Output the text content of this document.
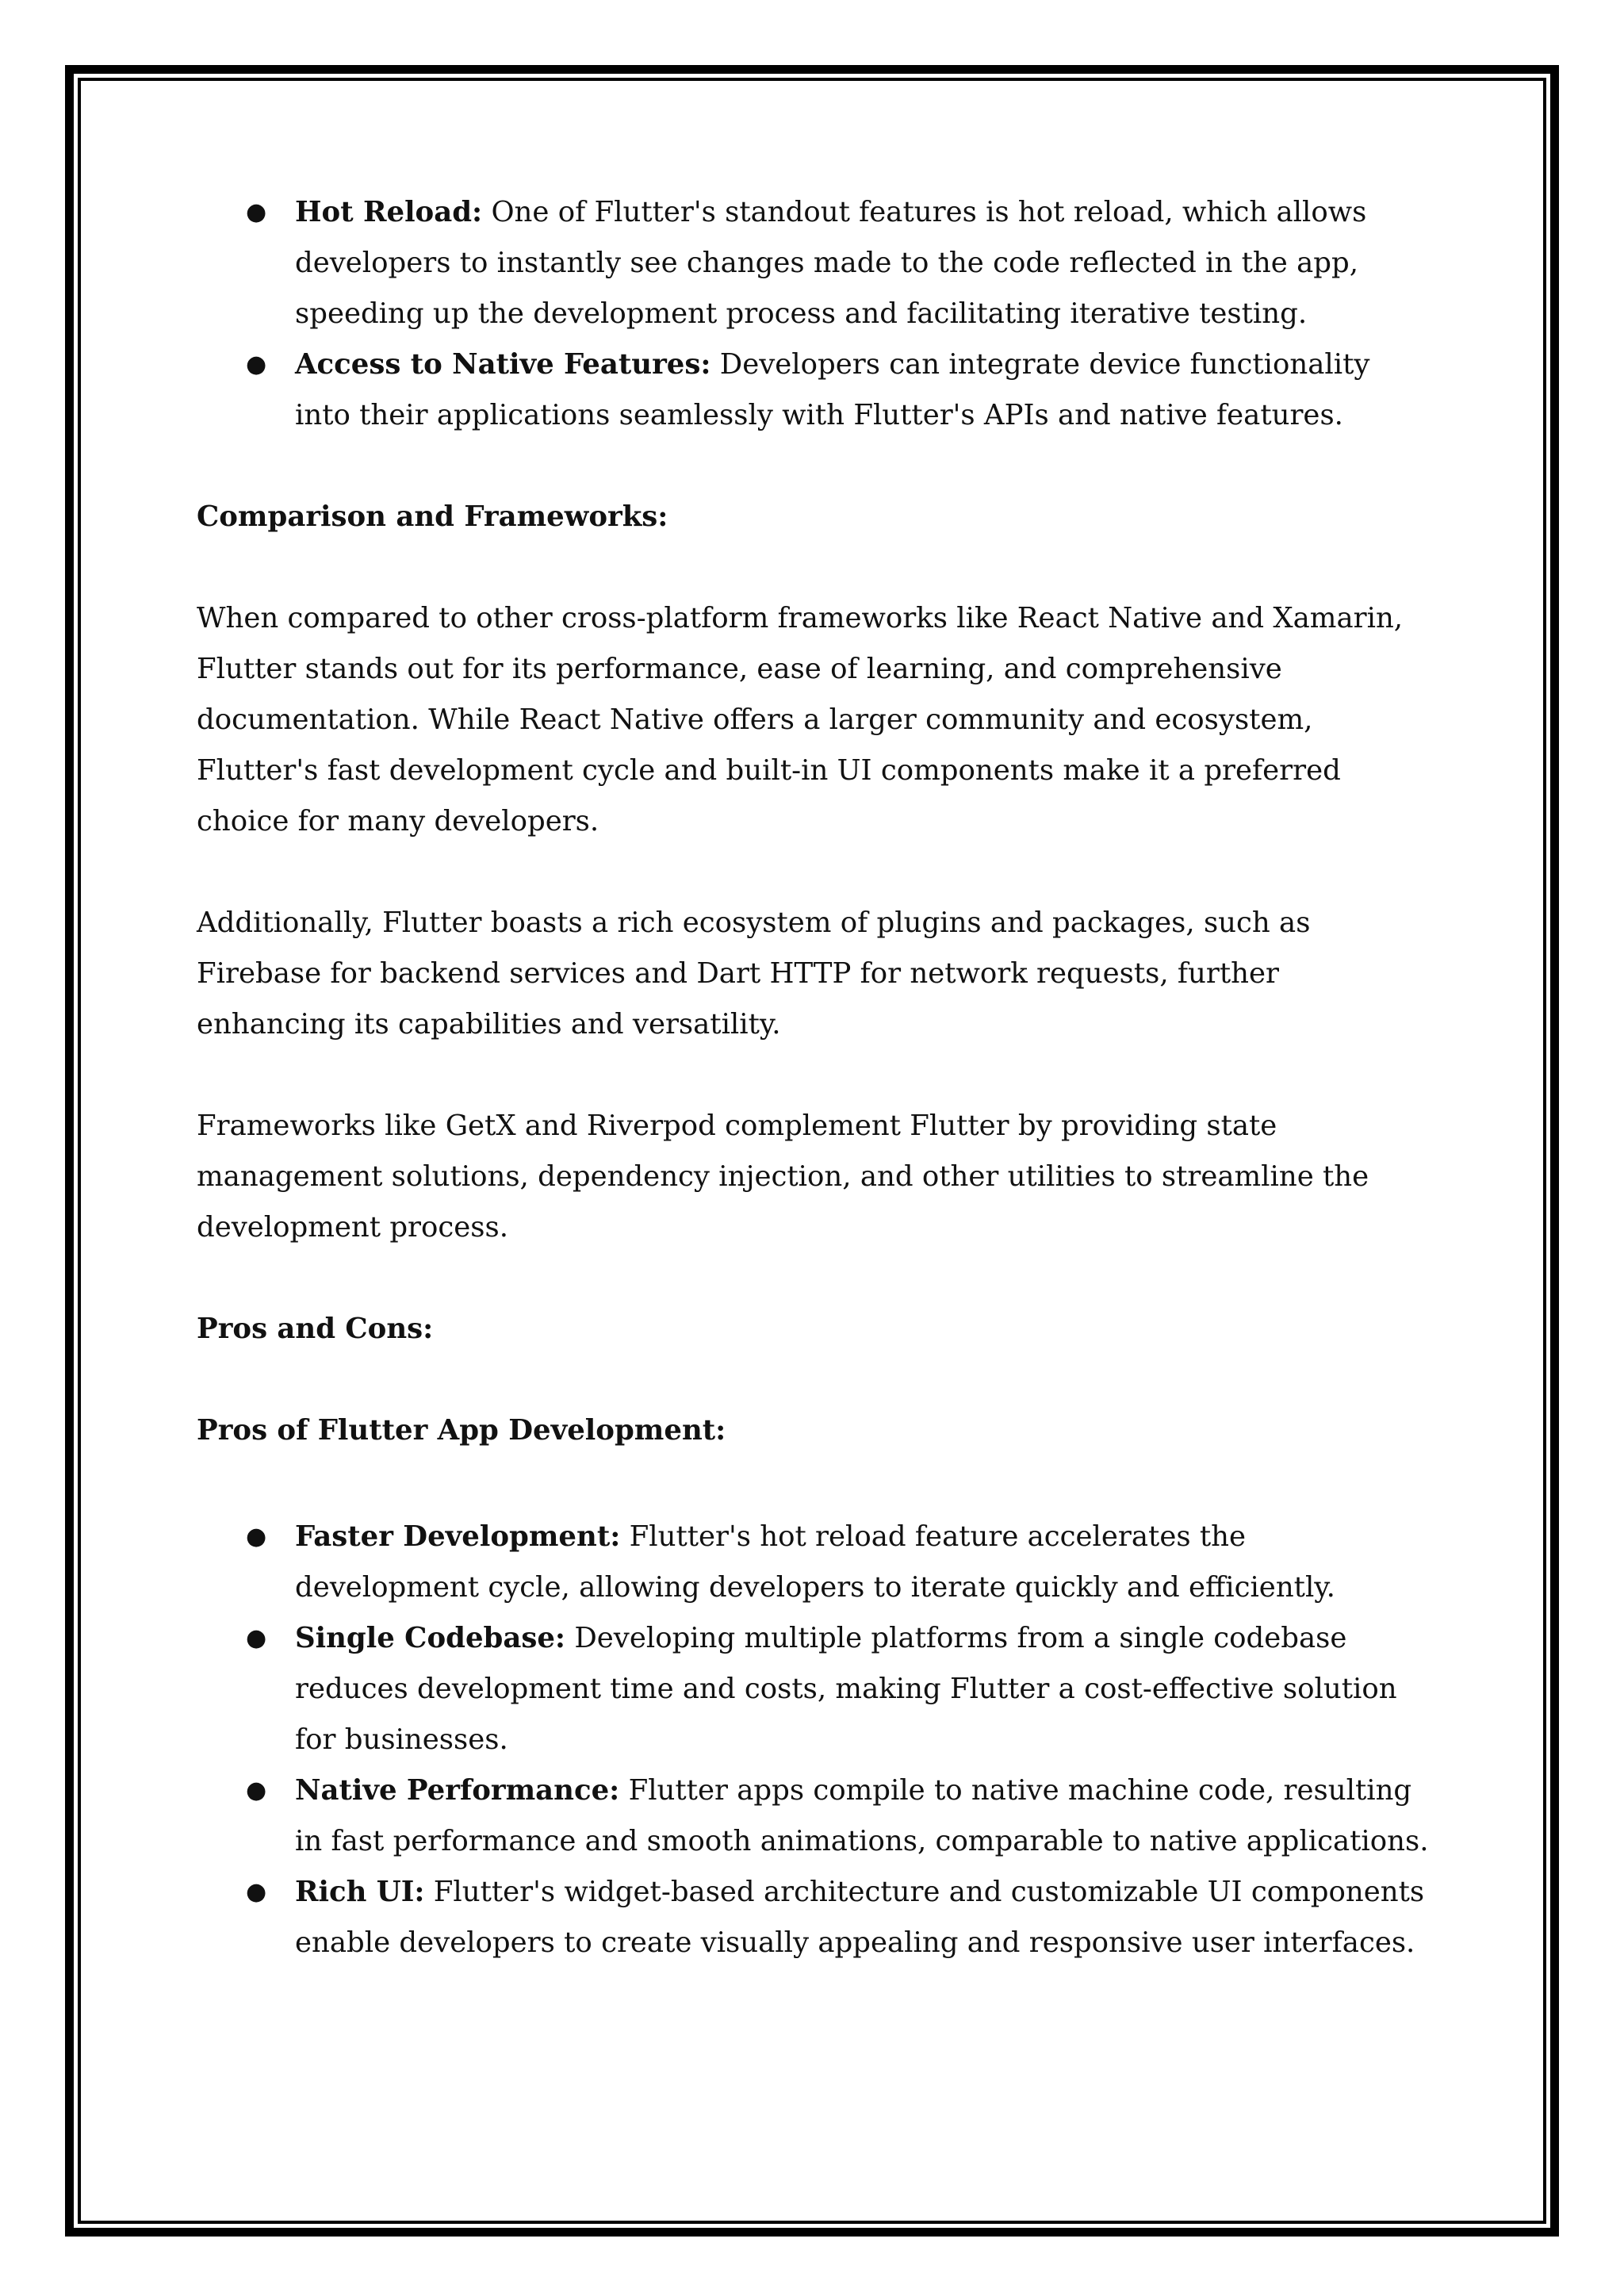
● Hot Reload: One of Flutter's standout features is hot reload, which allows developers to instantly see changes made to the code reflected in the app, speeding up the development process and facilitating iterative testing.
● Access to Native Features: Developers can integrate device functionality into their applications seamlessly with Flutter's APIs and native features.

Comparison and Frameworks:

When compared to other cross-platform frameworks like React Native and Xamarin, Flutter stands out for its performance, ease of learning, and comprehensive documentation. While React Native offers a larger community and ecosystem, Flutter's fast development cycle and built-in UI components make it a preferred choice for many developers.

Additionally, Flutter boasts a rich ecosystem of plugins and packages, such as Firebase for backend services and Dart HTTP for network requests, further enhancing its capabilities and versatility.

Frameworks like GetX and Riverpod complement Flutter by providing state management solutions, dependency injection, and other utilities to streamline the development process.

Pros and Cons:

Pros of Flutter App Development:

● Faster Development: Flutter's hot reload feature accelerates the development cycle, allowing developers to iterate quickly and efficiently.
● Single Codebase: Developing multiple platforms from a single codebase reduces development time and costs, making Flutter a cost-effective solution for businesses.
● Native Performance: Flutter apps compile to native machine code, resulting in fast performance and smooth animations, comparable to native applications.
● Rich UI: Flutter's widget-based architecture and customizable UI components enable developers to create visually appealing and responsive user interfaces.
